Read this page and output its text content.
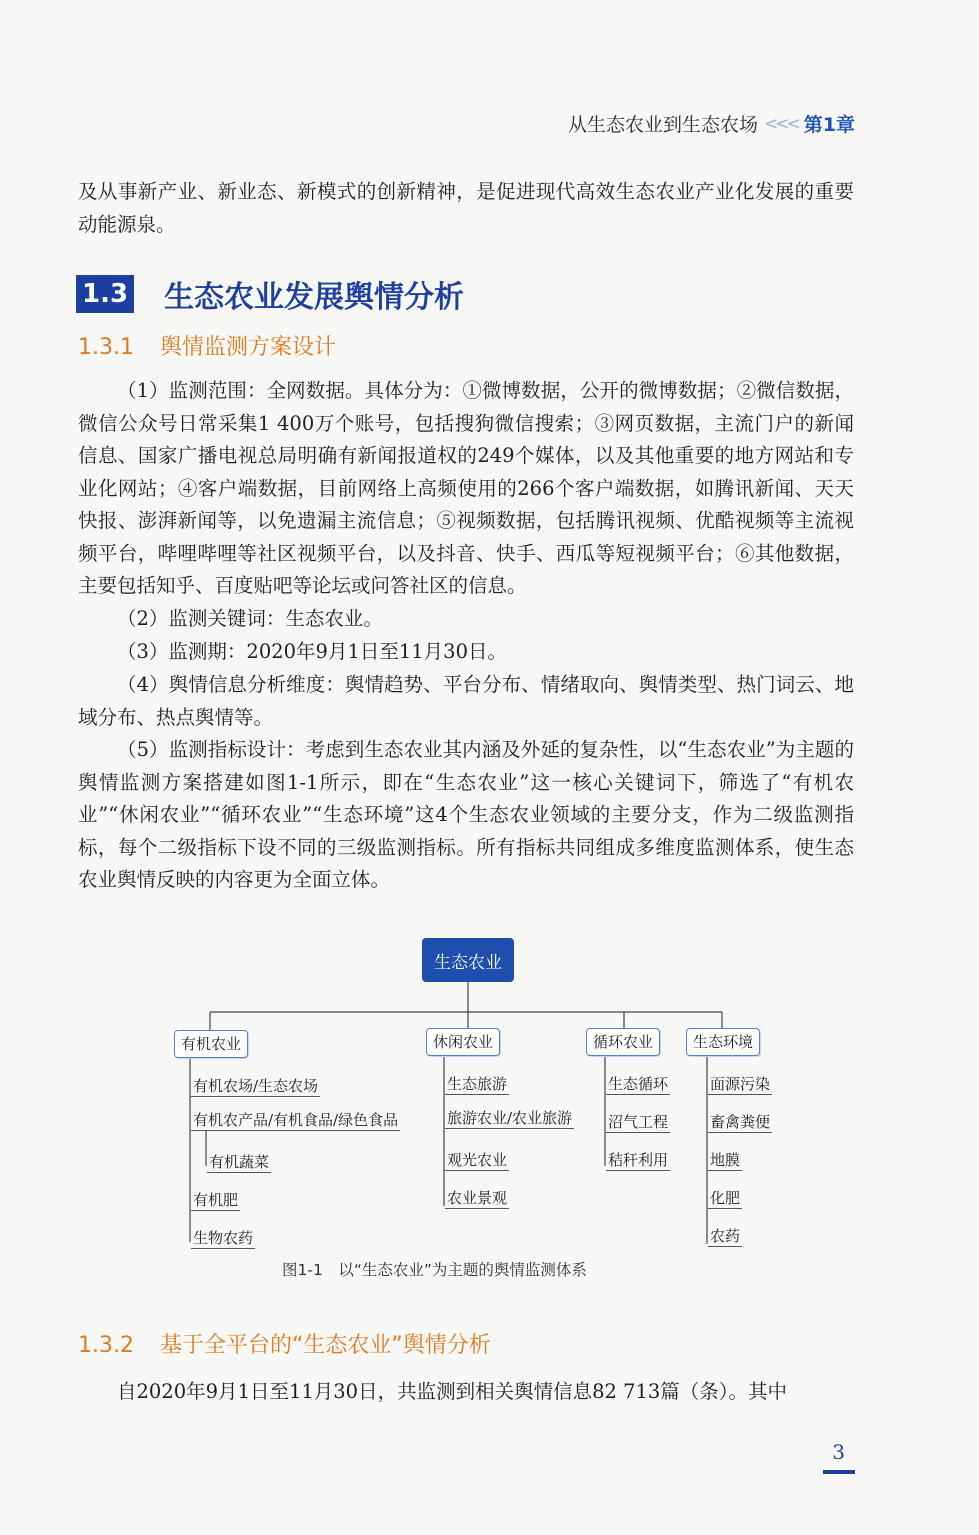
从生态农业到生态农场 <<< 第1章

及从事新产业、新业态、新模式的创新精神，是促进现代高效生态农业产业化发展的重要动能源泉。

1.3 生态农业发展舆情分析
1.3.1	舆情监测方案设计

（1）监测范围：全网数据。具体分为：①微博数据，公开的微博数据；②微信数据，微信公众号日常采集1 400万个账号，包括搜狗微信搜索；③网页数据，主流门户的新闻信息、国家广播电视总局明确有新闻报道权的249个媒体，以及其他重要的地方网站和专业化网站；④客户端数据，目前网络上高频使用的266个客户端数据，如腾讯新闻、天天快报、澎湃新闻等，以免遗漏主流信息；⑤视频数据，包括腾讯视频、优酷视频等主流视频平台，哔哩哔哩等社区视频平台，以及抖音、快手、西瓜等短视频平台；⑥其他数据，主要包括知乎、百度贴吧等论坛或问答社区的信息。

（2）监测关键词：生态农业。

（3）监测期：2020年9月1日至11月30日。

（4）舆情信息分析维度：舆情趋势、平台分布、情绪取向、舆情类型、热门词云、地域分布、热点舆情等。

（5）监测指标设计：考虑到生态农业其内涵及外延的复杂性，以“生态农业”为主题的舆情监测方案搭建如图1-1所示，即在“生态农业”这一核心关键词下，筛选了“有机农业”“休闲农业”“循环农业”“生态环境”这4个生态农业领域的主要分支，作为二级监测指标，每个二级指标下设不同的三级监测指标。所有指标共同组成多维度监测体系，使生态农业舆情反映的内容更为全面立体。

生态农业
有机农业	休闲农业	循环农业	生态环境
有机农场/生态农场
有机农产品/有机食品/绿色食品
有机蔬菜
有机肥
生物农药
生态旅游
旅游农业/农业旅游
观光农业
农业景观
生态循环
沼气工程
秸秆利用
面源污染
畜禽粪便
地膜
化肥
农药
图1-1　以“生态农业”为主题的舆情监测体系
1.3.2	基于全平台的“生态农业”舆情分析

自2020年9月1日至11月30日，共监测到相关舆情信息82 713篇（条）。其中

3
